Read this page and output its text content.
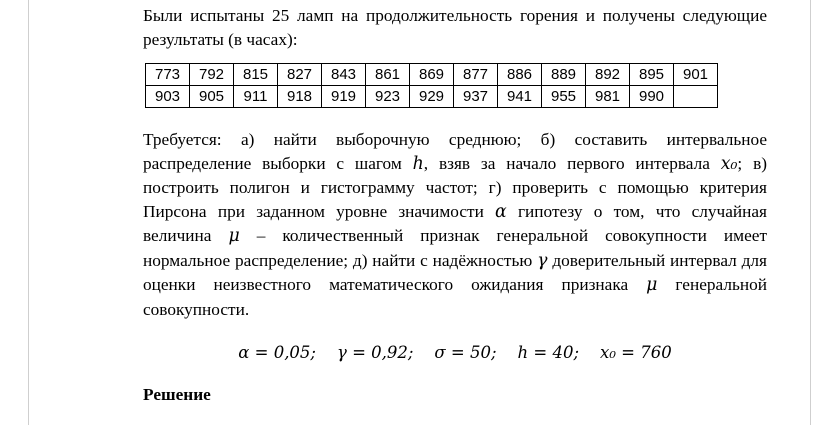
Были испытаны 25 ламп на продолжительность горения и получены следующие результаты (в часах):

773	792	815	827	843	861	869	877	886	889	892	895	901
903	905	911	918	919	923	929	937	941	955	981	990	

Требуется: а) найти выборочную среднюю; б) составить интервальное распределение выборки с шагом h, взяв за начало первого интервала x₀; в) построить полигон и гистограмму частот; г) проверить с помощью критерия Пирсона при заданном уровне значимости α гипотезу о том, что случайная величина μ – количественный признак генеральной совокупности имеет нормальное распределение; д) найти с надёжностью γ доверительный интервал для оценки неизвестного математического ожидания признака μ генеральной совокупности.

α = 0,05;    γ = 0,92;    σ = 50;    h = 40;    x₀ = 760
Решение
